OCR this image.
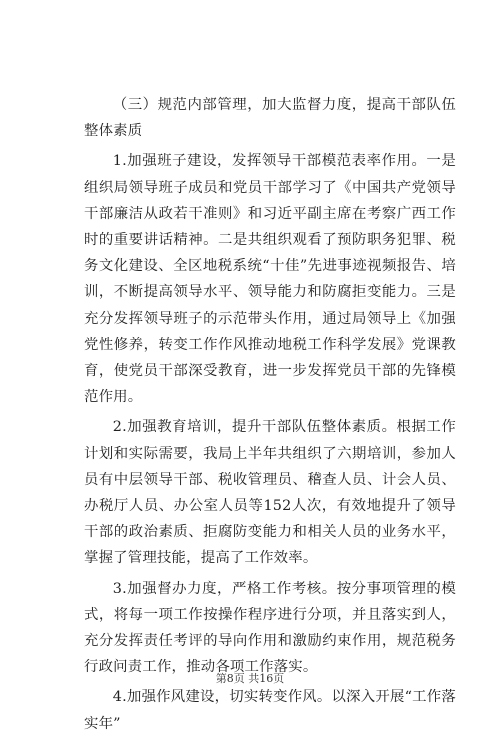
（三）规范内部管理，加大监督力度，提高干部队伍整体素质

1.加强班子建设，发挥领导干部模范表率作用。一是组织局领导班子成员和党员干部学习了《中国共产党领导干部廉洁从政若干准则》和习近平副主席在考察广西工作时的重要讲话精神。二是共组织观看了预防职务犯罪、税务文化建设、全区地税系统“十佳”先进事迹视频报告、培训，不断提高领导水平、领导能力和防腐拒变能力。三是充分发挥领导班子的示范带头作用，通过局领导上《加强党性修养，转变工作作风推动地税工作科学发展》党课教育，使党员干部深受教育，进一步发挥党员干部的先锋模范作用。

2.加强教育培训，提升干部队伍整体素质。根据工作计划和实际需要，我局上半年共组织了六期培训，参加人员有中层领导干部、税收管理员、稽查人员、计会人员、办税厅人员、办公室人员等152人次，有效地提升了领导干部的政治素质、拒腐防变能力和相关人员的业务水平，掌握了管理技能，提高了工作效率。

3.加强督办力度，严格工作考核。按分事项管理的模式，将每一项工作按操作程序进行分项，并且落实到人，充分发挥责任考评的导向作用和激励约束作用，规范税务行政问责工作，推动各项工作落实。

4.加强作风建设，切实转变作风。以深入开展“工作落实年”

第8页 共16页
